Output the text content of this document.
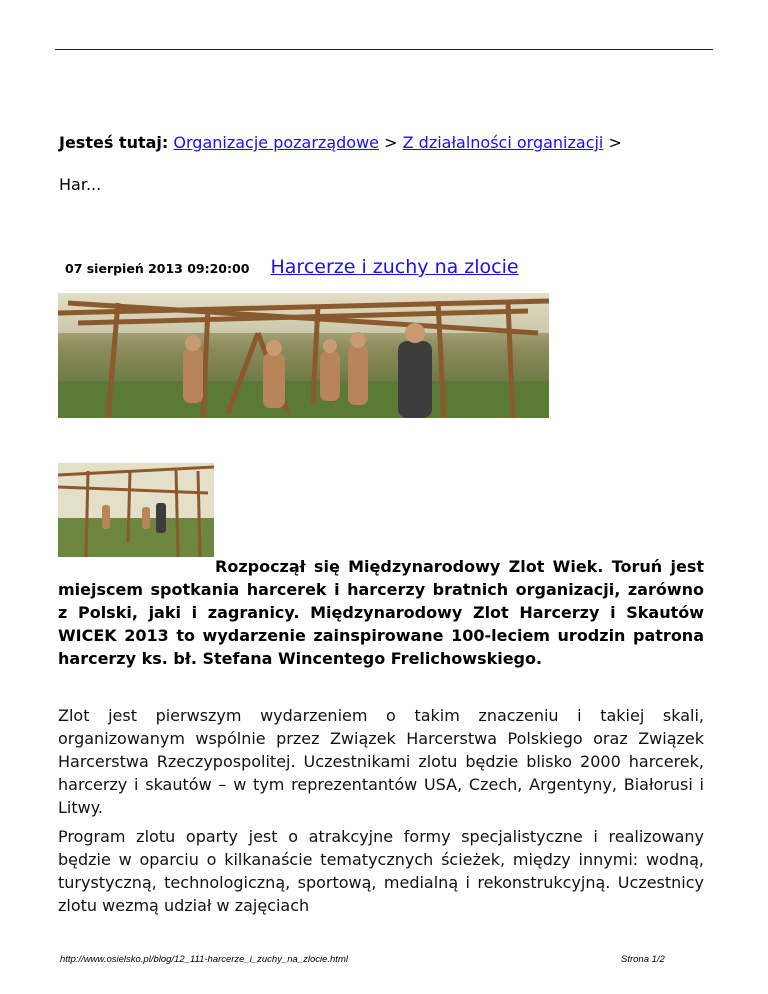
Jesteś tutaj: Organizacje pozarządowe > Z działalności organizacji >
Har...
07 sierpień 2013 09:20:00 Harcerze i zuchy na zlocie
Rozpoczął się Międzynarodowy Zlot Wiek. Toruń jest miejscem spotkania harcerek i harcerzy bratnich organizacji, zarówno z Polski, jaki i zagranicy. Międzynarodowy Zlot Harcerzy i Skautów WICEK 2013 to wydarzenie zainspirowane 100-leciem urodzin patrona harcerzy ks. bł. Stefana Wincentego Frelichowskiego.
Zlot jest pierwszym wydarzeniem o takim znaczeniu i takiej skali, organizowanym wspólnie przez Związek Harcerstwa Polskiego oraz Związek Harcerstwa Rzeczypospolitej. Uczestnikami zlotu będzie blisko 2000 harcerek, harcerzy i skautów – w tym reprezentantów USA, Czech, Argentyny, Białorusi i Litwy.
Program zlotu oparty jest o atrakcyjne formy specjalistyczne i realizowany będzie w oparciu o kilkanaście tematycznych ścieżek, między innymi: wodną, turystyczną, technologiczną, sportową, medialną i rekonstrukcyjną. Uczestnicy zlotu wezmą udział w zajęciach
http://www.osielsko.pl/blog/12_111-harcerze_i_zuchy_na_zlocie.html	Strona 1/2
